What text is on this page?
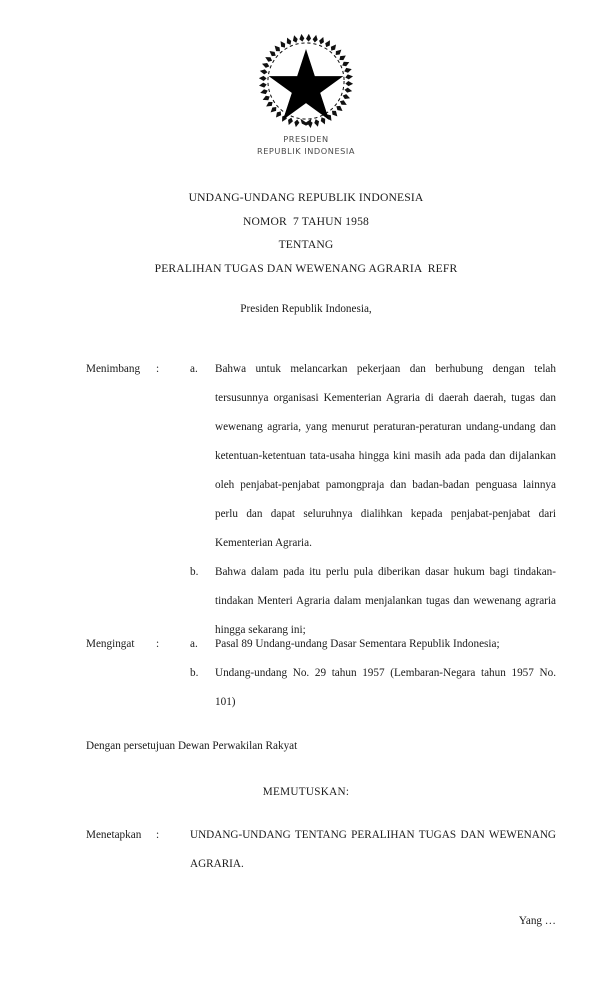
PRESIDEN
REPUBLIK INDONESIA
UNDANG-UNDANG REPUBLIK INDONESIA
NOMOR  7 TAHUN 1958
TENTANG
PERALIHAN TUGAS DAN WEWENANG AGRARIA  REFR
Presiden Republik Indonesia,
Menimbang	:	a.	Bahwa untuk melancarkan pekerjaan dan berhubung dengan telah tersusunnya organisasi Kementerian Agraria di daerah daerah, tugas dan wewenang agraria, yang menurut peraturan-peraturan undang-undang dan ketentuan-ketentuan tata-usaha hingga kini masih ada pada dan dijalankan oleh penjabat-penjabat pamongpraja dan badan-badan penguasa lainnya perlu dan dapat seluruhnya dialihkan kepada penjabat-penjabat dari Kementerian Agraria.
b.	Bahwa dalam pada itu perlu pula diberikan dasar hukum bagi tindakan-tindakan Menteri Agraria dalam menjalankan tugas dan wewenang agraria hingga sekarang ini;
Mengingat	:	a.	Pasal 89 Undang-undang Dasar Sementara Republik Indonesia;
b.	Undang-undang No. 29 tahun 1957 (Lembaran-Negara tahun 1957 No. 101)
Dengan persetujuan Dewan Perwakilan Rakyat
MEMUTUSKAN:
Menetapkan	:	UNDANG-UNDANG TENTANG PERALIHAN TUGAS DAN WEWENANG AGRARIA.
Yang …
